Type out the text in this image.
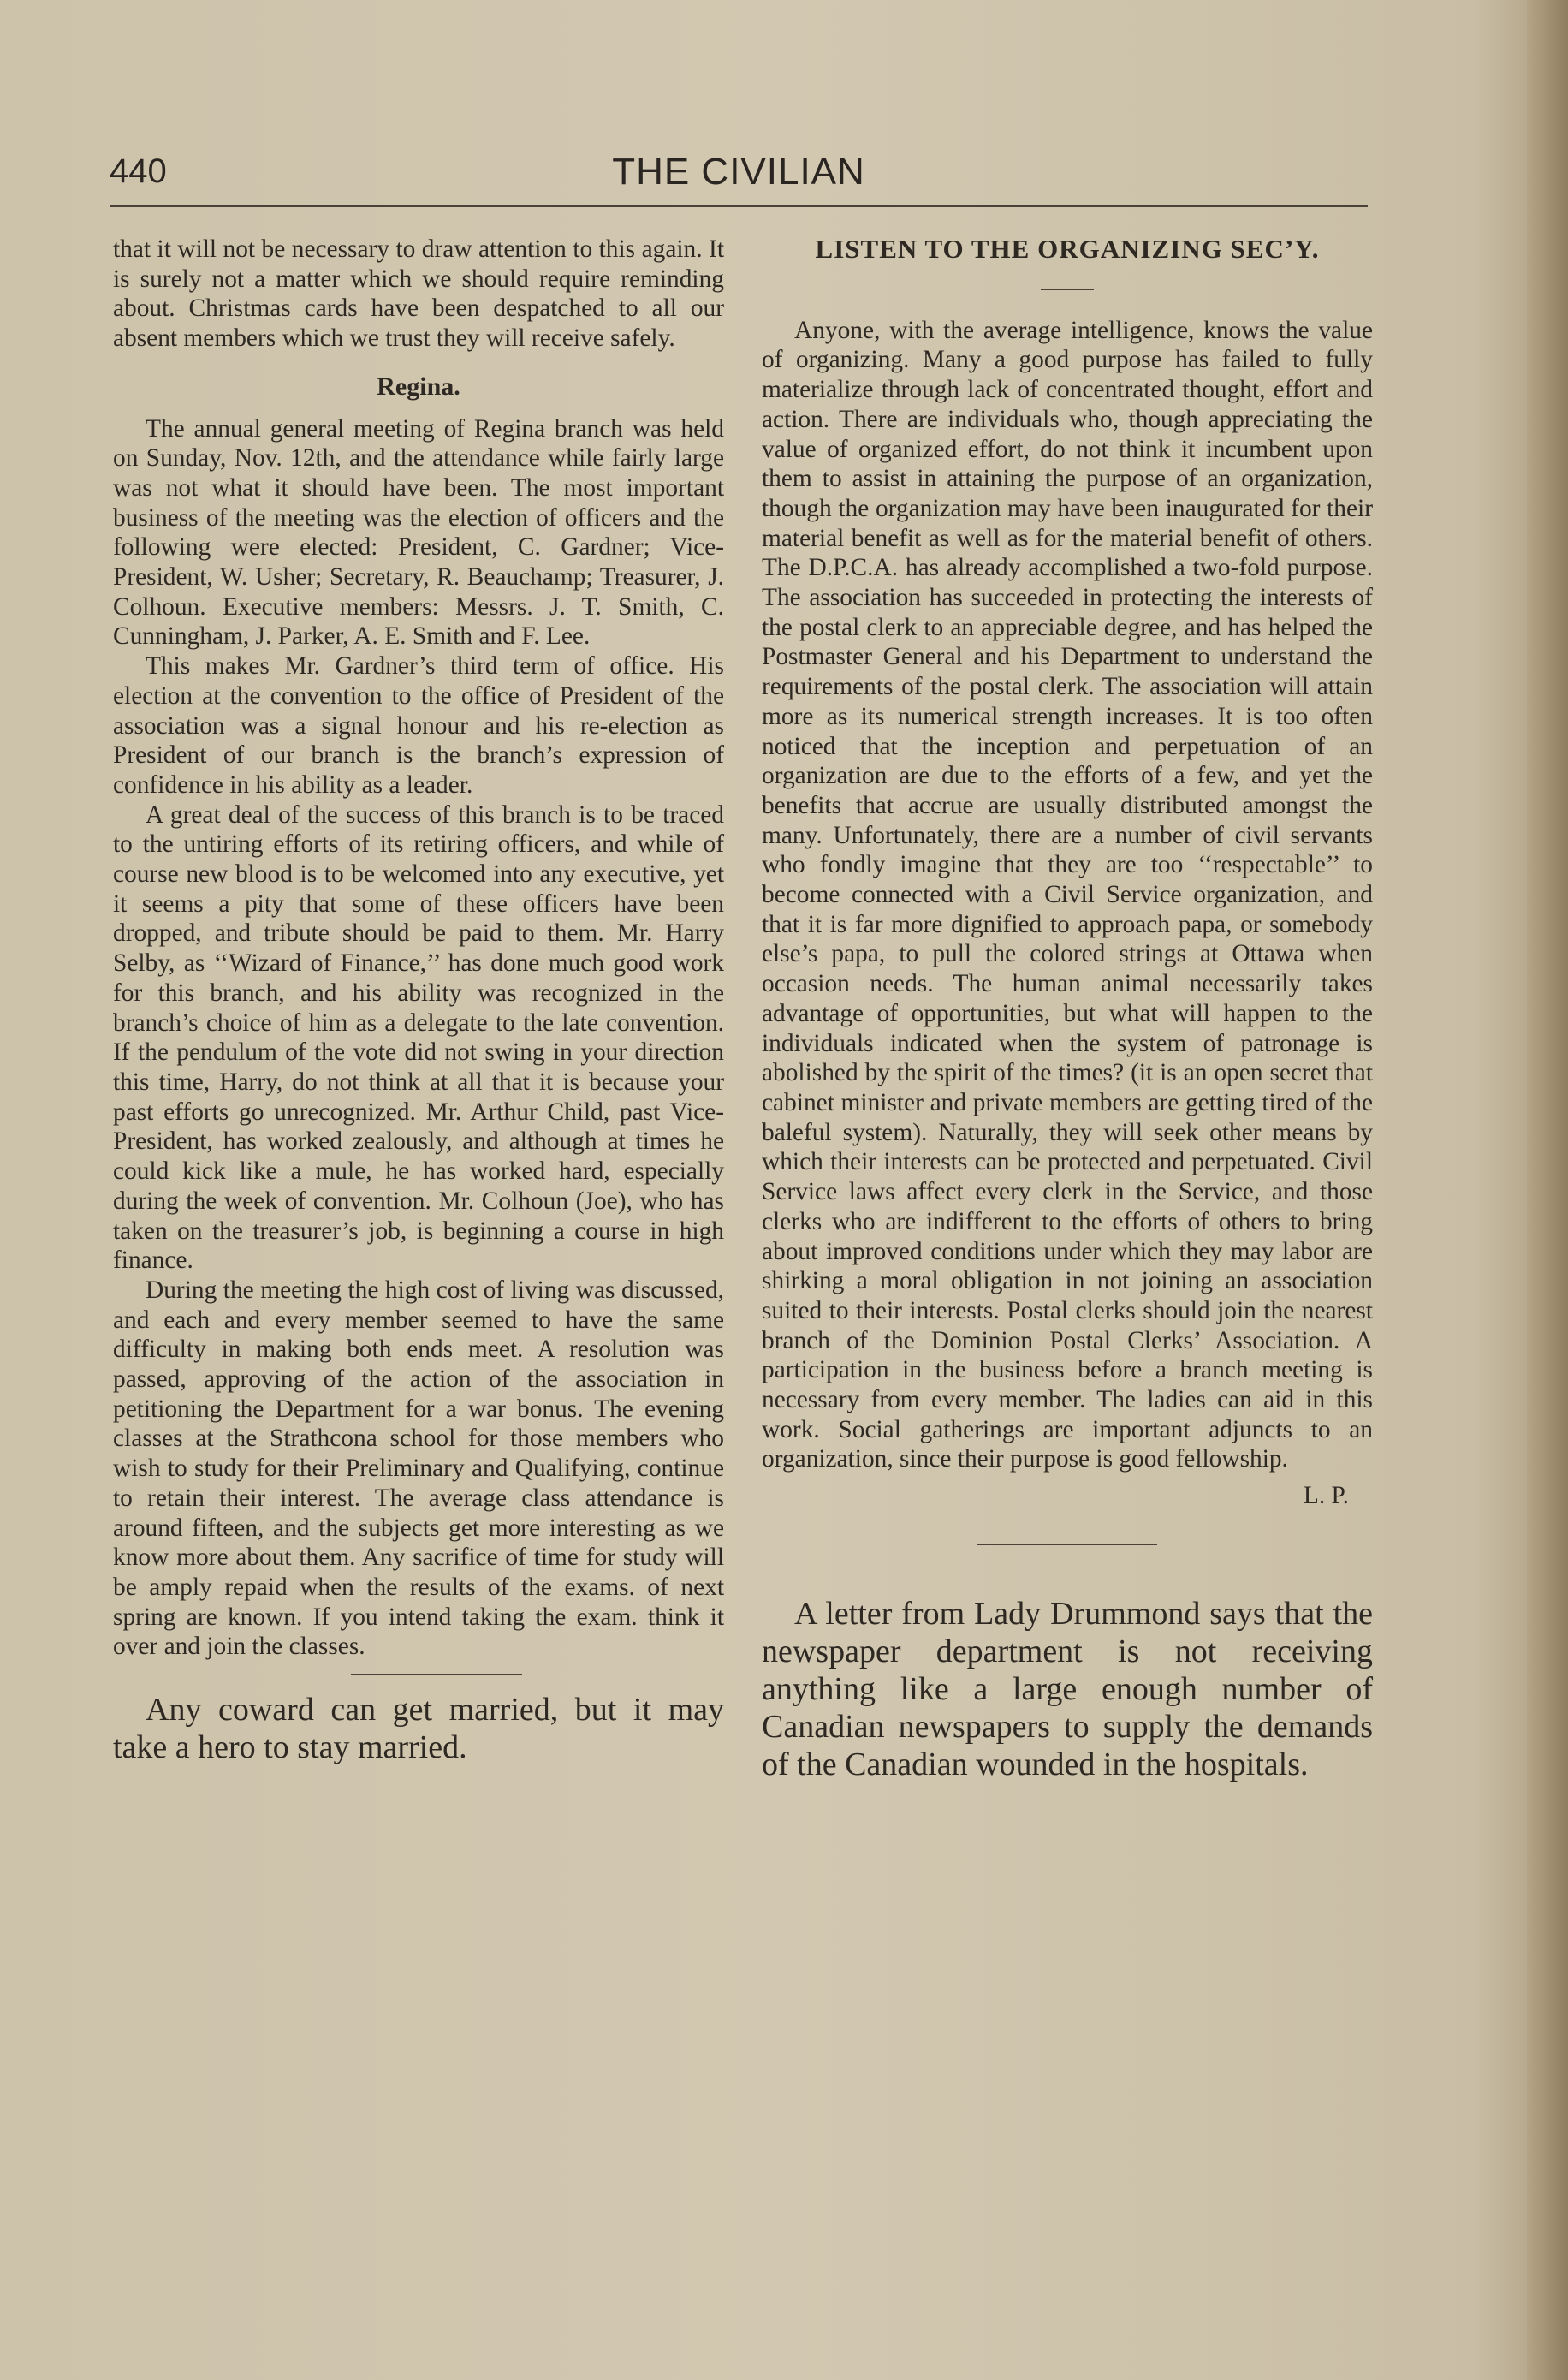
440	THE CIVILIAN

that it will not be necessary to draw attention to this again. It is surely not a matter which we should require reminding about. Christmas cards have been despatched to all our absent members which we trust they will receive safely.

Regina.

The annual general meeting of Regina branch was held on Sunday, Nov. 12th, and the attendance while fairly large was not what it should have been. The most important business of the meeting was the election of officers and the following were elected: President, C. Gardner; Vice-President, W. Usher; Secretary, R. Beauchamp; Treasurer, J. Colhoun. Executive members: Messrs. J. T. Smith, C. Cunningham, J. Parker, A. E. Smith and F. Lee.

This makes Mr. Gardner’s third term of office. His election at the convention to the office of President of the association was a signal honour and his re-election as President of our branch is the branch’s expression of confidence in his ability as a leader.

A great deal of the success of this branch is to be traced to the untiring efforts of its retiring officers, and while of course new blood is to be welcomed into any executive, yet it seems a pity that some of these officers have been dropped, and tribute should be paid to them. Mr. Harry Selby, as ‘‘Wizard of Finance,’’ has done much good work for this branch, and his ability was recognized in the branch’s choice of him as a delegate to the late convention. If the pendulum of the vote did not swing in your direction this time, Harry, do not think at all that it is because your past efforts go unrecognized. Mr. Arthur Child, past Vice-President, has worked zealously, and although at times he could kick like a mule, he has worked hard, especially during the week of convention. Mr. Colhoun (Joe), who has taken on the treasurer’s job, is beginning a course in high finance.

During the meeting the high cost of living was discussed, and each and every member seemed to have the same difficulty in making both ends meet. A resolution was passed, approving of the action of the association in petitioning the Department for a war bonus. The evening classes at the Strathcona school for those members who wish to study for their Preliminary and Qualifying, continue to retain their interest. The average class attendance is around fifteen, and the subjects get more interesting as we know more about them. Any sacrifice of time for study will be amply repaid when the results of the exams. of next spring are known. If you intend taking the exam. think it over and join the classes.

Any coward can get married, but it may take a hero to stay married.

LISTEN TO THE ORGANIZING SEC’Y.

Anyone, with the average intelligence, knows the value of organizing. Many a good purpose has failed to fully materialize through lack of concentrated thought, effort and action. There are individuals who, though appreciating the value of organized effort, do not think it incumbent upon them to assist in attaining the purpose of an organization, though the organization may have been inaugurated for their material benefit as well as for the material benefit of others. The D.P.C.A. has already accomplished a two-fold purpose. The association has succeeded in protecting the interests of the postal clerk to an appreciable degree, and has helped the Postmaster General and his Department to understand the requirements of the postal clerk. The association will attain more as its numerical strength increases. It is too often noticed that the inception and perpetuation of an organization are due to the efforts of a few, and yet the benefits that accrue are usually distributed amongst the many. Unfortunately, there are a number of civil servants who fondly imagine that they are too ‘‘respectable’’ to become connected with a Civil Service organization, and that it is far more dignified to approach papa, or somebody else’s papa, to pull the colored strings at Ottawa when occasion needs. The human animal necessarily takes advantage of opportunities, but what will happen to the individuals indicated when the system of patronage is abolished by the spirit of the times? (it is an open secret that cabinet minister and private members are getting tired of the baleful system). Naturally, they will seek other means by which their interests can be protected and perpetuated. Civil Service laws affect every clerk in the Service, and those clerks who are indifferent to the efforts of others to bring about improved conditions under which they may labor are shirking a moral obligation in not joining an association suited to their interests. Postal clerks should join the nearest branch of the Dominion Postal Clerks’ Association. A participation in the business before a branch meeting is necessary from every member. The ladies can aid in this work. Social gatherings are important adjuncts to an organization, since their purpose is good fellowship.

L. P.

A letter from Lady Drummond says that the newspaper department is not receiving anything like a large enough number of Canadian newspapers to supply the demands of the Canadian wounded in the hospitals.
